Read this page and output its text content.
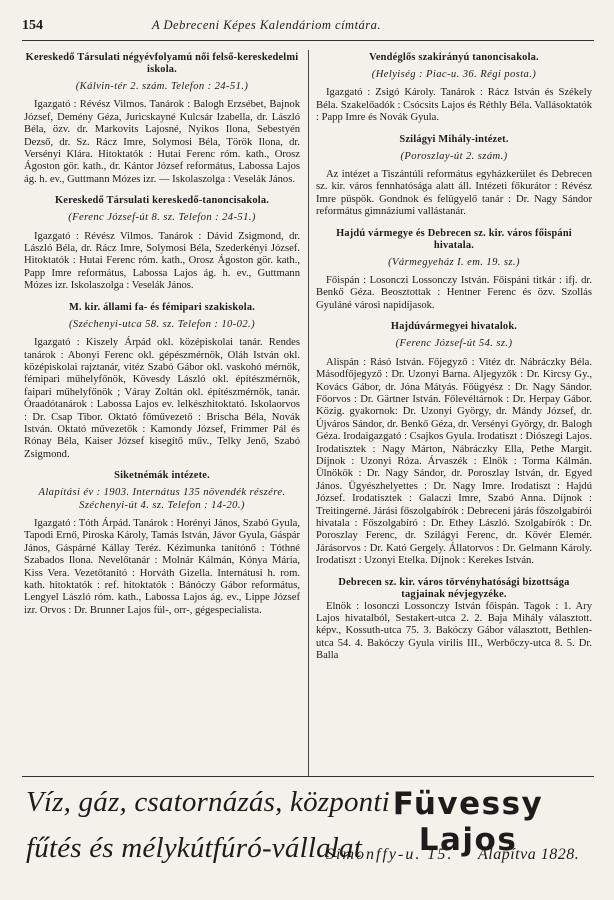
154	A Debreceni Képes Kalendáriom címtára.
Kereskedő Társulati négyévfolyamú női felső-kereskedelmi iskola.
(Kálvin-tér 2. szám. Telefon : 24-51.)

Igazgató : Révész Vilmos. Tanárok : Balogh Erzsébet, Bajnok József, Demény Géza, Juricskayné Kulcsár Izabella, dr. László Béla, özv. dr. Markovits Lajosné, Nyikos Ilona, Sebestyén Dezső, dr. Sz. Rácz Imre, Solymosi Béla, Török Ilona, dr. Versényi Klára. Hitoktatók : Hutai Ferenc róm. kath., Orosz Ágoston gör. kath., dr. Kántor József református, Labossa Lajos ág. h. ev., Guttmann Mózes izr. — Iskolaszolga : Veselák János.

Kereskedő Társulati kereskedő-tanoncisakola.
(Ferenc József-út 8. sz. Telefon : 24-51.)

Igazgató : Révész Vilmos. Tanárok : Dávid Zsigmond, dr. László Béla, dr. Rácz Imre, Solymosi Béla, Szederkényi József. Hitoktatók : Hutai Ferenc róm. kath., Orosz Ágoston gör. kath., Papp Imre református, Labossa Lajos ág. h. ev., Guttmann Mózes izr. Iskolaszolga : Veselák János.

M. kir. állami fa- és fémipari szakiskola.
(Széchenyi-utca 58. sz. Telefon : 10-02.)

Igazgató : Kiszely Árpád okl. középiskolai tanár. Rendes tanárok : Abonyi Ferenc okl. gépészmérnök, Oláh István okl. középiskolai rajztanár, vitéz Szabó Gábor okl. vaskohó mérnök, fémipari műhelyfőnök, Kövesdy László okl. építészmérnök, faipari műhelyfőnök ; Váray Zoltán okl. építészmérnök, tanár. Óraadótanárok : Labossa Lajos ev. lelkészhitoktató. Iskolaorvos : Dr. Csap Tibor. Oktató főművezető : Brischa Béla, Novák István. Oktató művezetők : Kamondy József, Frimmer Pál és Rónay Béla, Kaiser József kisegítő műv., Telky Jenő, Szabó Zsigmond.

Siketnémák intézete.
Alapítási év : 1903. Internátus 135 növendék részére. Széchenyi-út 4. sz. Telefon : 14-20.)

Igazgató : Tóth Árpád. Tanárok : Horényi János, Szabó Gyula, Tapodi Ernő, Piroska Károly, Tamás István, Jávor Gyula, Gáspár János, Gáspárné Kállay Teréz. Kézimunka tanítónő : Tóthné Szabados Ilona. Nevelőtanár : Molnár Kálmán, Kónya Mária, Kiss Vera. Vezetőtanító : Horváth Gizella. Internátusi h. rom. kath. hitoktatók : ref. hitoktatók : Bánóczy Gábor református, Lengyel László róm. kath., Labossa Lajos ág. ev., Lippe József izr. Orvos : Dr. Brunner Lajos fül-, orr-, gégespecialista.

Vendéglős szakirányú tanoncisakola.
(Helyiség : Piac-u. 36. Régi posta.)

Igazgató : Zsigó Károly. Tanárok : Rácz István és Székely Béla. Szakelőadók : Csócsits Lajos és Réthly Béla. Vallásoktatók : Papp Imre és Novák Gyula.

Szilágyi Mihály-intézet.
(Poroszlay-út 2. szám.)

Az intézet a Tiszántúli református egyházkerület és Debrecen sz. kir. város fennhatósága alatt áll. Intézeti főkurátor : Révész Imre püspök. Gondnok és felügyelő tanár : Dr. Nagy Sándor református gimnáziumi vallástanár.

Hajdú vármegye és Debrecen sz. kir. város főispáni hivatala.
(Vármegyeház I. em. 19. sz.)

Főispán : Losonczi Lossonczy István. Főispáni titkár : ifj. dr. Benkő Géza. Beosztottak : Hentner Ferenc és özv. Szollás Gyuláné városi napidíjasok.

Hajdúvármegyei hivatalok.
(Ferenc József-út 54. sz.)

Alispán : Rásó István. Főjegyző : Vitéz dr. Nábráczky Béla. Másodfőjegyző : Dr. Uzonyi Barna. Aljegyzők : Dr. Kircsy Gy., Kovács Gábor, dr. Jóna Mátyás. Főügyész : Dr. Nagy Sándor. Főorvos : Dr. Gärtner István. Főlevéltárnok : Dr. Herpay Gábor. Közig. gyakornok: Dr. Uzonyi György, dr. Mándy József, dr. Újváros Sándor, dr. Benkő Géza, dr. Versényi György, dr. Balogh Géza. Irodaigazgató : Csajkos Gyula. Irodatiszt : Diószegi Lajos. Irodatisztek : Nagy Márton, Nábráczky Ella, Pethe Margit. Díjnok : Uzonyi Róza. Árvaszék : Elnök : Torma Kálmán. Ülnökök : Dr. Nagy Sándor, dr. Poroszlay István, dr. Egyed János. Ügyészhelyettes : Dr. Nagy Imre. Irodatiszt : Hajdú József. Irodatisztek : Galaczi Imre, Szabó Anna. Díjnok : Treitingerné. Járási főszolgabírók : Debreceni járás főszolgabírói hivatala : Főszolgabíró : Dr. Ethey László. Szolgabírók : Dr. Poroszlay Ferenc, dr. Szilágyi Ferenc, dr. Kövér Elemér. Járásorvos : Dr. Kató Gergely. Állatorvos : Dr. Gelmann Károly. Irodatiszt : Uzonyi Etelka. Díjnok : Kerekes István.

Debrecen sz. kir. város törvényhatósági bizottsága tagjainak névjegyzéke.

Elnök : losonczi Lossonczy István főispán. Tagok : 1. Ary Lajos hivatalból, Sestakert-utca 2. 2. Baja Mihály választott. képv., Kossuth-utca 75. 3. Bakóczy Gábor választott, Bethlen-utca 54. 4. Bakóczy Gyula virilis III., Werbőczy-utca 8. 5. Dr. Balla

Víz, gáz, csatornázás, központi
fűtés és mélykútfúró-vállalat
Füvessy Lajos
Simonffy-u. 15. Alapítva 1828.
